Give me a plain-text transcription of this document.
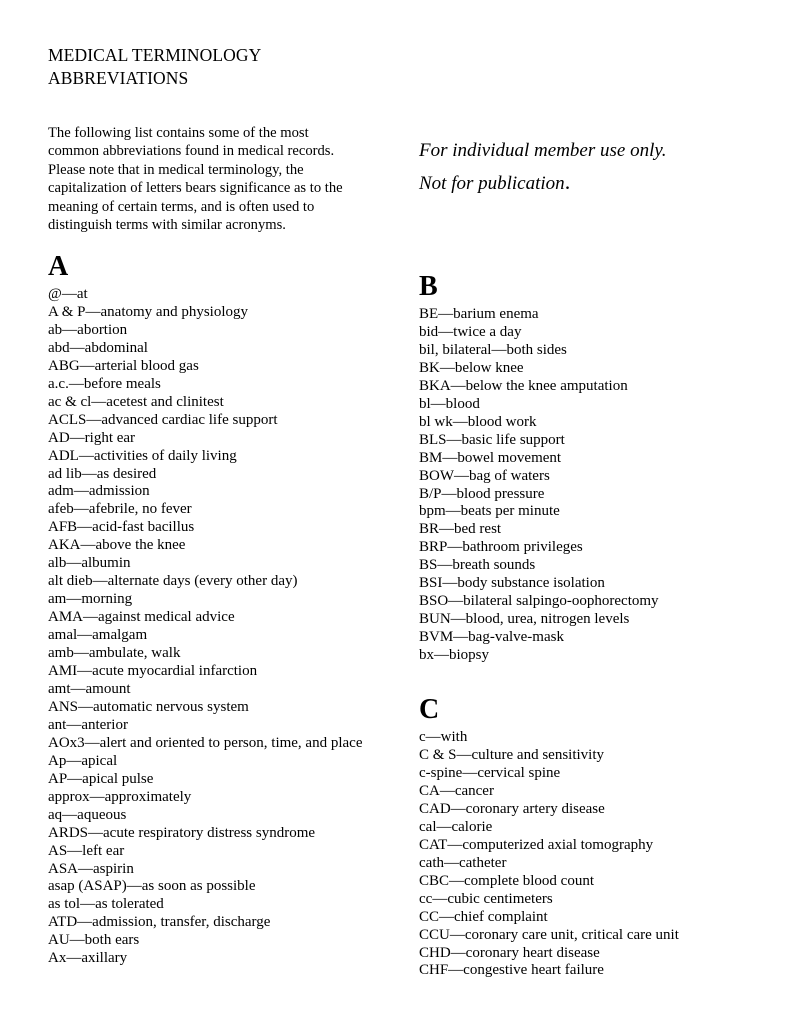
MEDICAL TERMINOLOGY
ABBREVIATIONS
The following list contains some of the most
common abbreviations found in medical records.
Please note that in medical terminology, the
capitalization of letters bears significance as to the
meaning of certain terms, and is often used to
distinguish terms with similar acronyms.
For individual member use only.
Not for publication.
A
@—at
A & P—anatomy and physiology
ab—abortion
abd—abdominal
ABG—arterial blood gas
a.c.—before meals
ac & cl—acetest and clinitest
ACLS—advanced cardiac life support
AD—right ear
ADL—activities of daily living
ad lib—as desired
adm—admission
afeb—afebrile, no fever
AFB—acid-fast bacillus
AKA—above the knee
alb—albumin
alt dieb—alternate days (every other day)
am—morning
AMA—against medical advice
amal—amalgam
amb—ambulate, walk
AMI—acute myocardial infarction
amt—amount
ANS—automatic nervous system
ant—anterior
AOx3—alert and oriented to person, time, and place
Ap—apical
AP—apical pulse
approx—approximately
aq—aqueous
ARDS—acute respiratory distress syndrome
AS—left ear
ASA—aspirin
asap (ASAP)—as soon as possible
as tol—as tolerated
ATD—admission, transfer, discharge
AU—both ears
Ax—axillary
B
BE—barium enema
bid—twice a day
bil, bilateral—both sides
BK—below knee
BKA—below the knee amputation
bl—blood
bl wk—blood work
BLS—basic life support
BM—bowel movement
BOW—bag of waters
B/P—blood pressure
bpm—beats per minute
BR—bed rest
BRP—bathroom privileges
BS—breath sounds
BSI—body substance isolation
BSO—bilateral salpingo-oophorectomy
BUN—blood, urea, nitrogen levels
BVM—bag-valve-mask
bx—biopsy
C
c—with
C & S—culture and sensitivity
c-spine—cervical spine
CA—cancer
CAD—coronary artery disease
cal—calorie
CAT—computerized axial tomography
cath—catheter
CBC—complete blood count
cc—cubic centimeters
CC—chief complaint
CCU—coronary care unit, critical care unit
CHD—coronary heart disease
CHF—congestive heart failure
